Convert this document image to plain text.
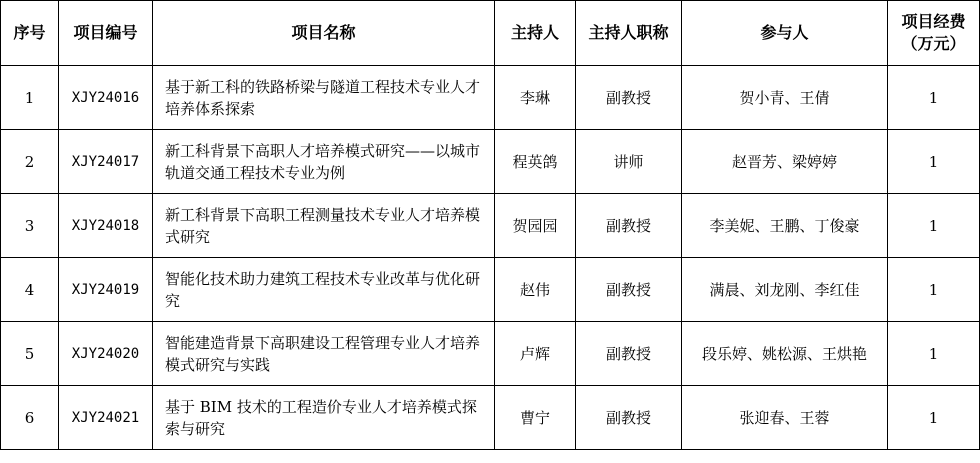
序号	项目编号	项目名称	主持人	主持人职称	参与人	项目经费
（万元）

1	XJY24016	基于新工科的铁路桥梁与隧道工程技术专业人才培养体系探索	李琳	副教授	贺小青、王倩	1
2	XJY24017	新工科背景下高职人才培养模式研究——以城市轨道交通工程技术专业为例	程英鸽	讲师	赵晋芳、梁婷婷	1
3	XJY24018	新工科背景下高职工程测量技术专业人才培养模式研究	贺园园	副教授	李美妮、王鹏、丁俊豪	1
4	XJY24019	智能化技术助力建筑工程技术专业改革与优化研究	赵伟	副教授	满晨、刘龙刚、李红佳	1
5	XJY24020	智能建造背景下高职建设工程管理专业人才培养模式研究与实践	卢辉	副教授	段乐婷、姚松源、王烘艳	1
6	XJY24021	基于 BIM 技术的工程造价专业人才培养模式探索与研究	曹宁	副教授	张迎春、王蓉	1
